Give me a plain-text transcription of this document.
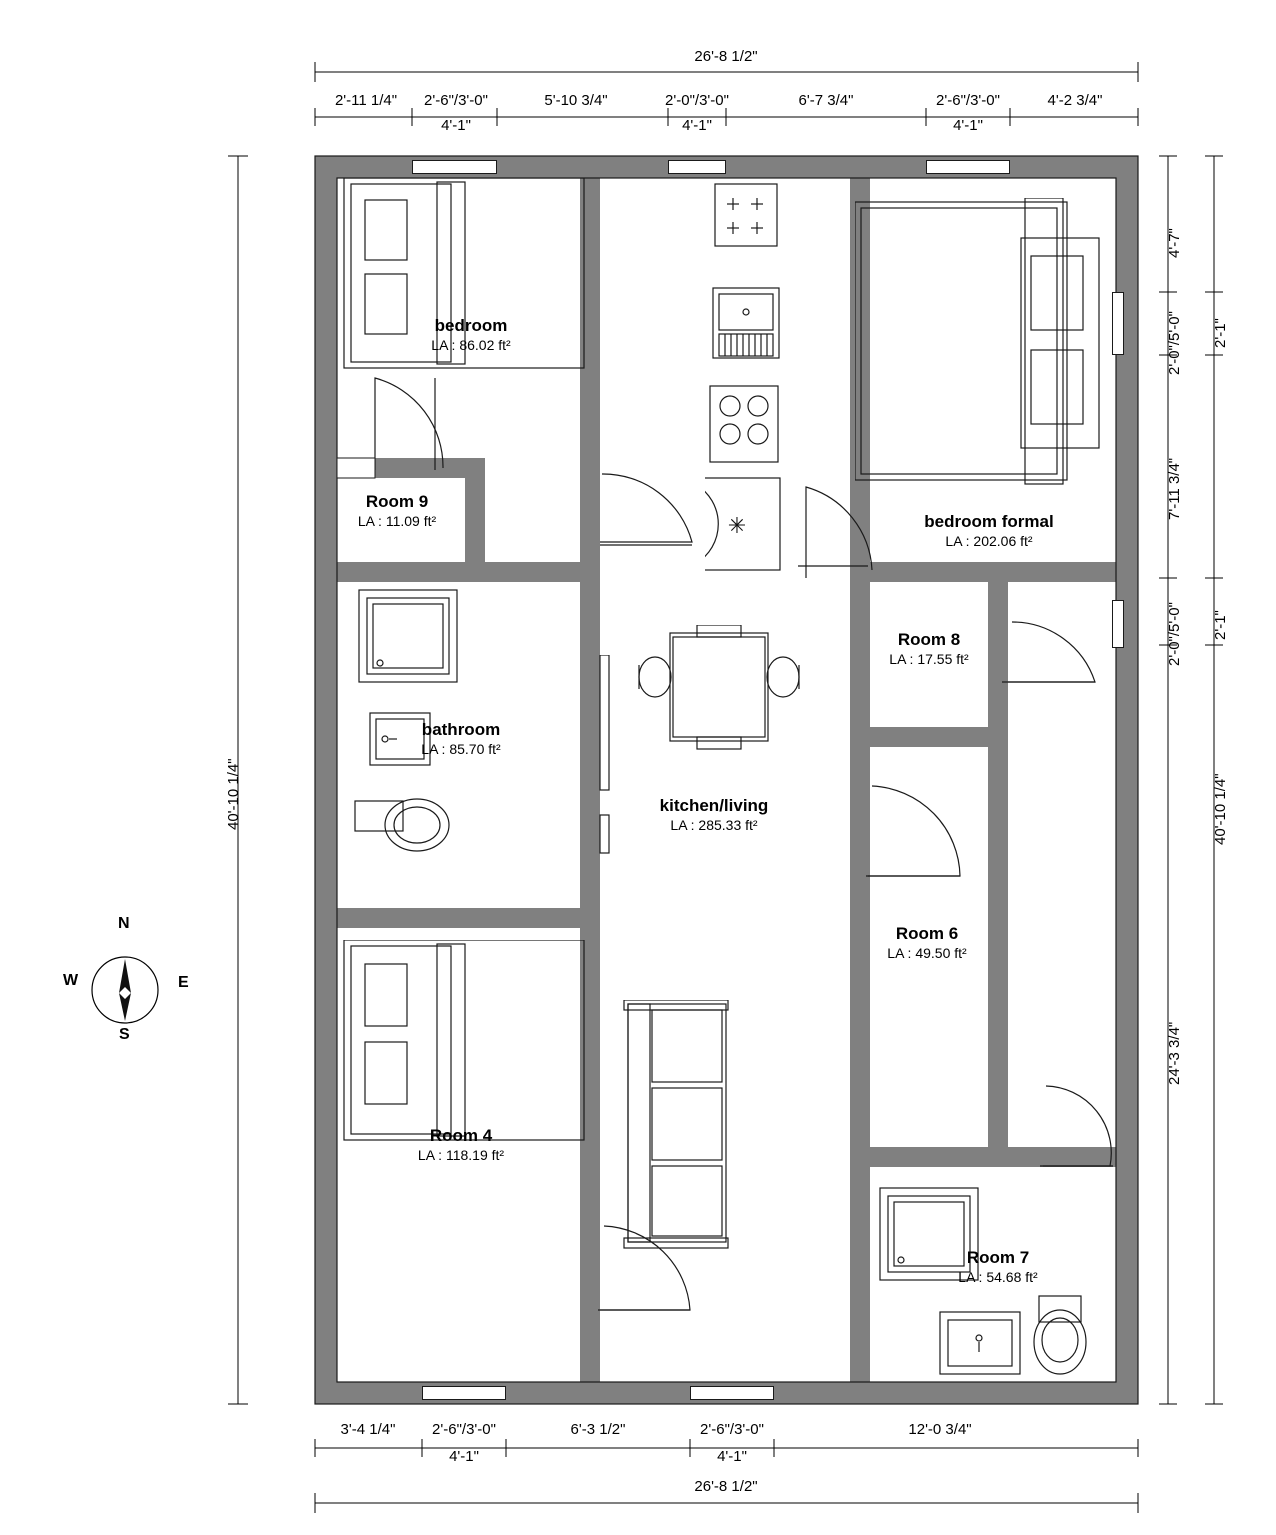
26'-8 1/2"
2'-11 1/4" 2'-6"/3'-0"	5'-10 3/4"	2'-0"/3'-0"	6'-7 3/4"	2'-6"/3'-0"	4'-2 3/4"
4'-1"	4'-1"	4'-1"
40'-10 1/4"
4'-7"
2'-0"/5'-0"
7'-11 3/4"
2'-0"/5'-0"
24'-3 3/4"
2'-1"
2'-1"
40'-10 1/4"
3'-4 1/4" 2'-6"/3'-0"	6'-3 1/2"	2'-6"/3'-0"	12'-0 3/4"
4'-1"	4'-1"
26'-8 1/2"
N
S
E
W
✳
bedroom
LA : 86.02 ft²
Room 9
LA : 11.09 ft²
bathroom
LA : 85.70 ft²
Room 4
LA : 118.19 ft²
kitchen/living
LA : 285.33 ft²
bedroom formal
LA : 202.06 ft²
Room 8
LA : 17.55 ft²
Room 6
LA : 49.50 ft²
Room 7
LA : 54.68 ft²
